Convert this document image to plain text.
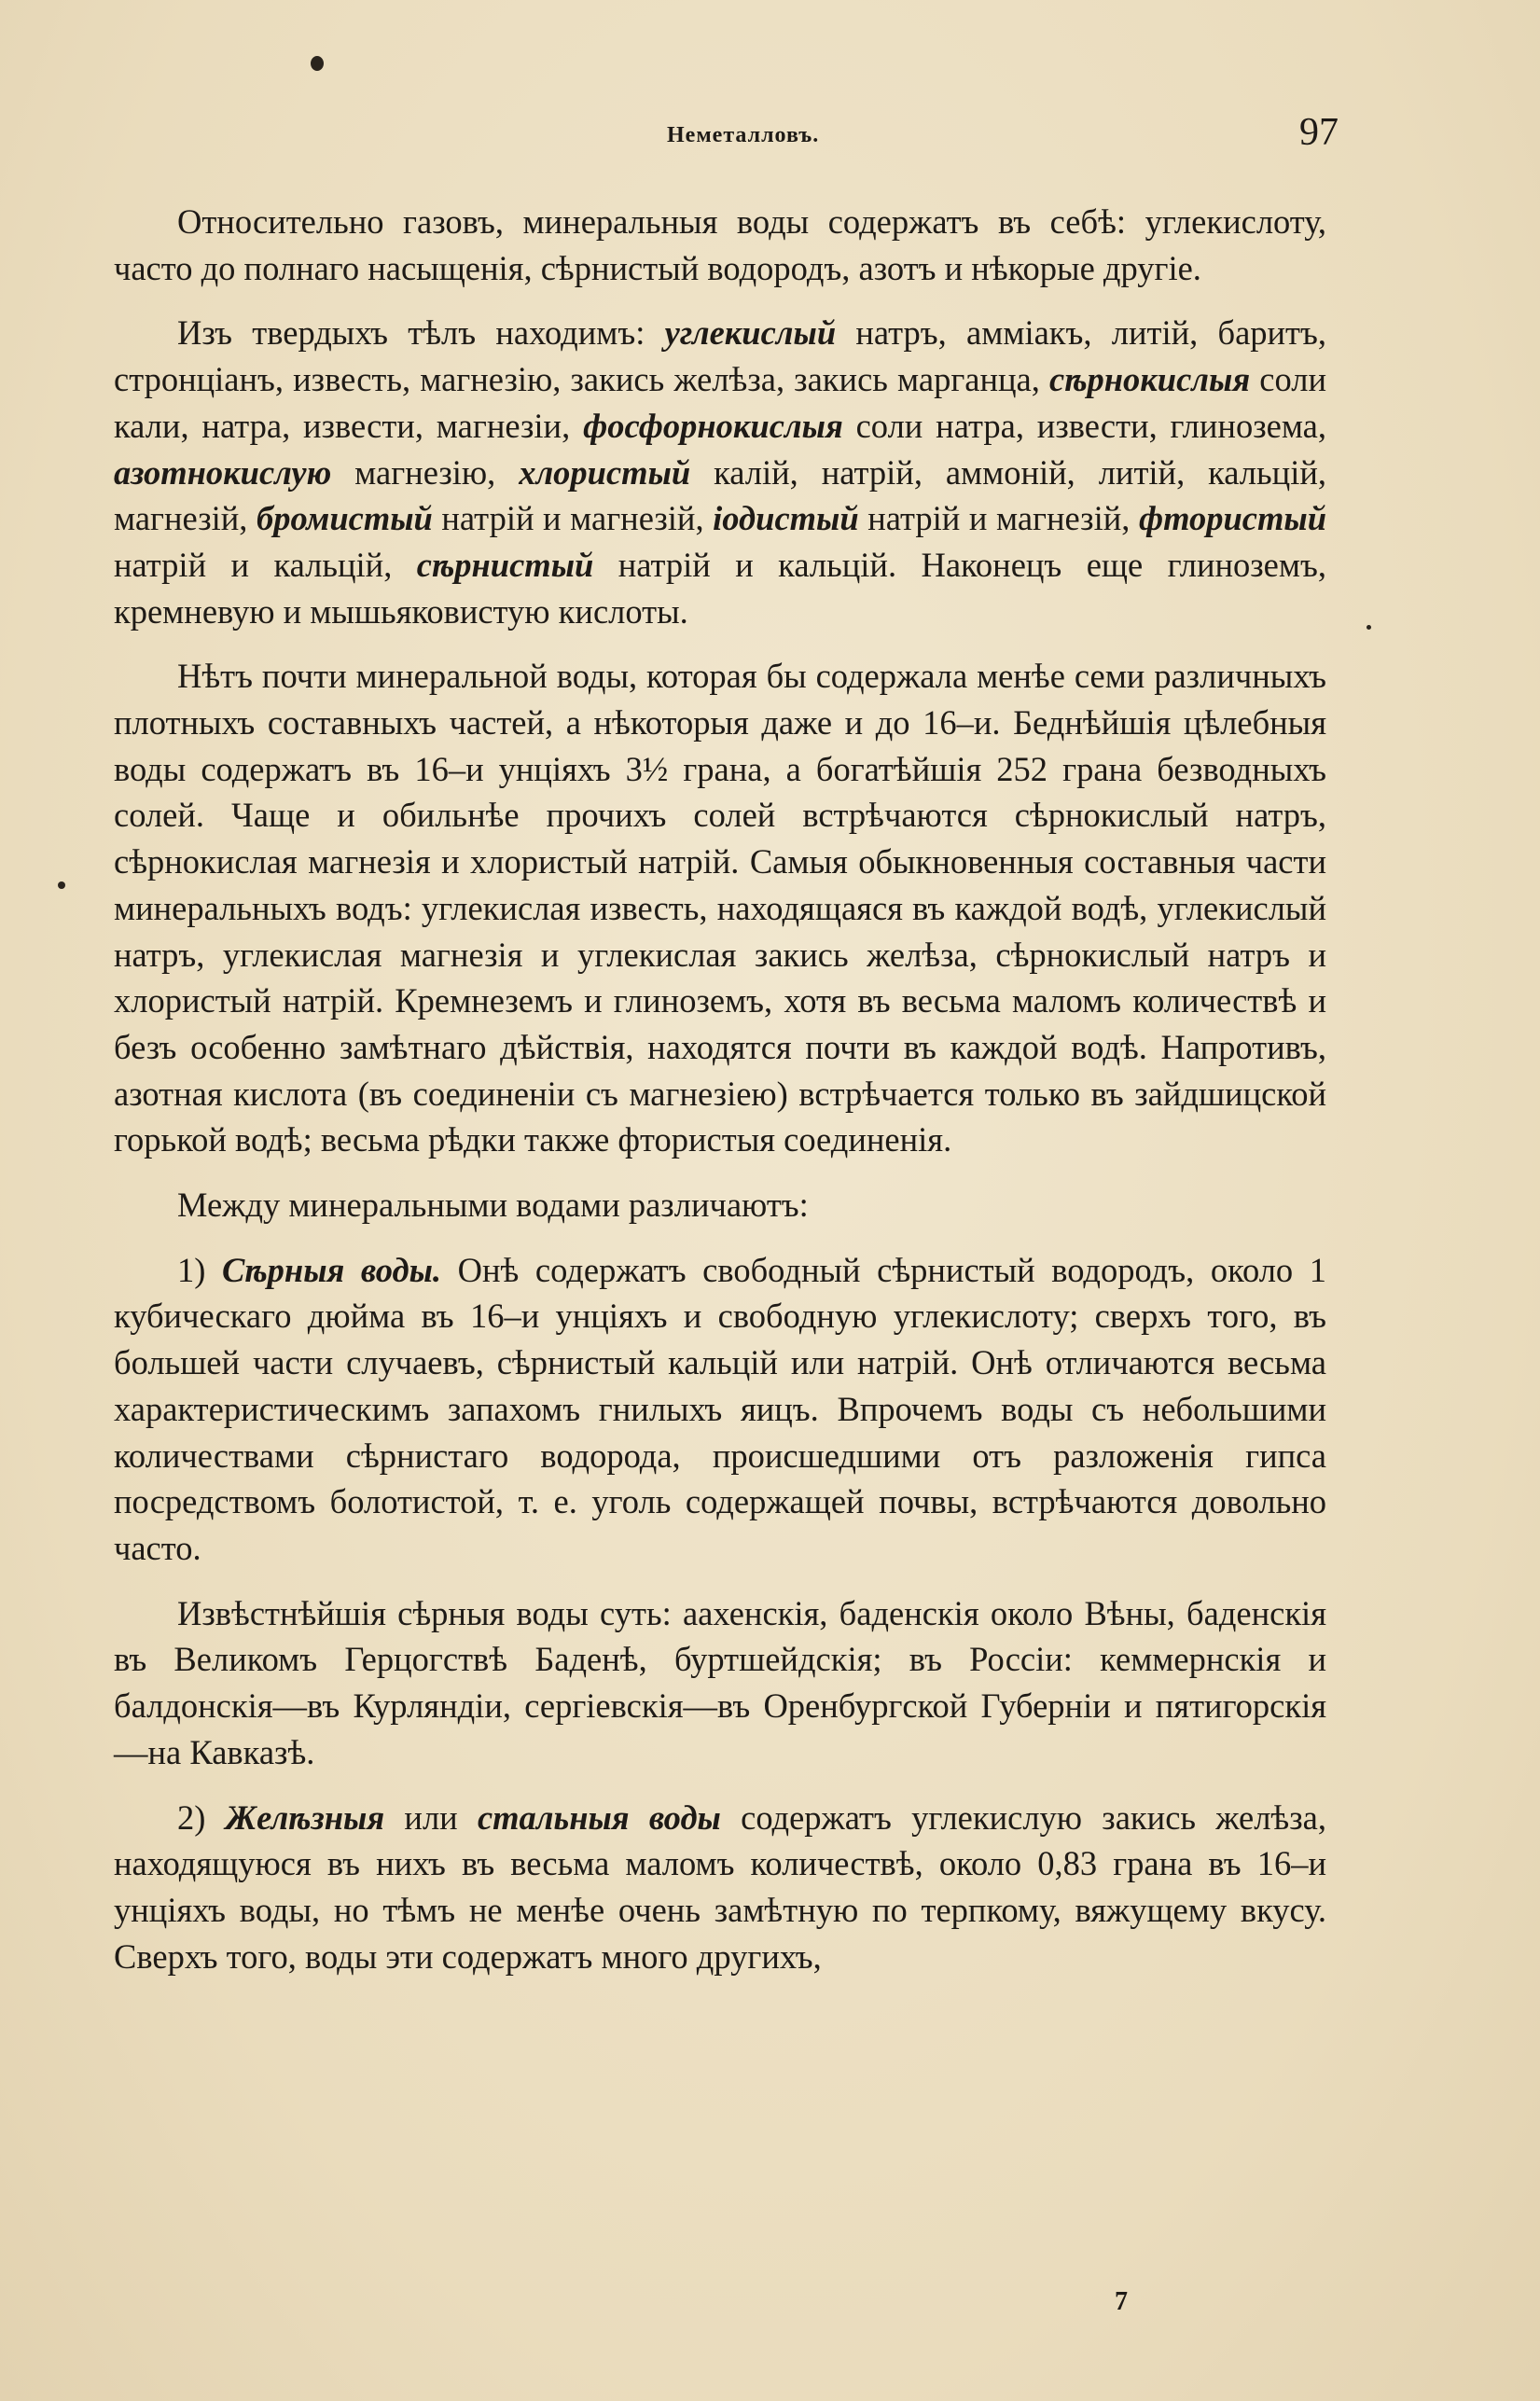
Неметалловъ.	97

Относительно газовъ, минеральныя воды содержатъ въ себѣ: углекислоту, часто до полнаго насыщенія, сѣрнистый водородъ, азотъ и нѣкорые другіе.

Изъ твердыхъ тѣлъ находимъ: углекислый натръ, аммiакъ, литiй, баритъ, стронцiанъ, известь, магнезiю, закись желѣза, закись марганца, сѣрнокислыя соли кали, натра, извести, магнезiи, фосфорнокислыя соли натра, извести, глинозема, азотнокислую магнезiю, хлористый калiй, натрiй, аммонiй, литiй, кальцiй, магнезiй, бромистый натрiй и магнезiй, іодистый натрiй и магнезiй, фтористый натрiй и кальцiй, сѣрнистый натрiй и кальцiй. Наконецъ еще глиноземъ, кремневую и мышьяковистую кислоты.

Нѣтъ почти минеральной воды, которая бы содержала менѣе семи различныхъ плотныхъ составныхъ частей, а нѣкоторыя даже и до 16–и. Беднѣйшія цѣлебныя воды содержатъ въ 16–и унцiяхъ 3½ грана, а богатѣйшія 252 грана безводныхъ солей. Чаще и обильнѣе прочихъ солей встрѣчаются сѣрнокислый натръ, сѣрнокислая магнезiя и хлористый натрiй. Самыя обыкновенныя составныя части минеральныхъ водъ: углекислая известь, находящаяся въ каждой водѣ, углекислый натръ, углекислая магнезiя и углекислая закись желѣза, сѣрнокислый натръ и хлористый натрiй. Кремнеземъ и глиноземъ, хотя въ весьма маломъ количествѣ и безъ особенно замѣтнаго дѣйствiя, находятся почти въ каждой водѣ. Напротивъ, азотная кислота (въ соединенiи съ магнезiею) встрѣчается только въ зайдшицской горькой водѣ; весьма рѣдки также фтористыя соединенiя.

Между минеральными водами различаютъ:

1) Сѣрныя воды. Онѣ содержатъ свободный сѣрнистый водородъ, около 1 кубическаго дюйма въ 16–и унцiяхъ и свободную углекислоту; сверхъ того, въ большей части случаевъ, сѣрнистый кальцiй или натрiй. Онѣ отличаются весьма характеристическимъ запахомъ гнилыхъ яицъ. Впрочемъ воды съ небольшими количествами сѣрнистаго водорода, происшедшими отъ разложенiя гипса посредствомъ болотистой, т. е. уголь содержащей почвы, встрѣчаются довольно часто.

Извѣстнѣйшiя сѣрныя воды суть: аахенскiя, баденскiя около Вѣны, баденскiя въ Великомъ Герцогствѣ Баденѣ, буртшейдскiя; въ Россiи: кеммернскiя и балдонскiя—въ Курляндiи, сергiевскiя—въ Оренбургской Губернiи и пятигорскiя—на Кавказѣ.

2) Желѣзныя или стальныя воды содержатъ углекислую закись желѣза, находящуюся въ нихъ въ весьма маломъ количествѣ, около 0,83 грана въ 16–и унцiяхъ воды, но тѣмъ не менѣе очень замѣтную по терпкому, вяжущему вкусу. Сверхъ того, воды эти содержатъ много другихъ,

7
